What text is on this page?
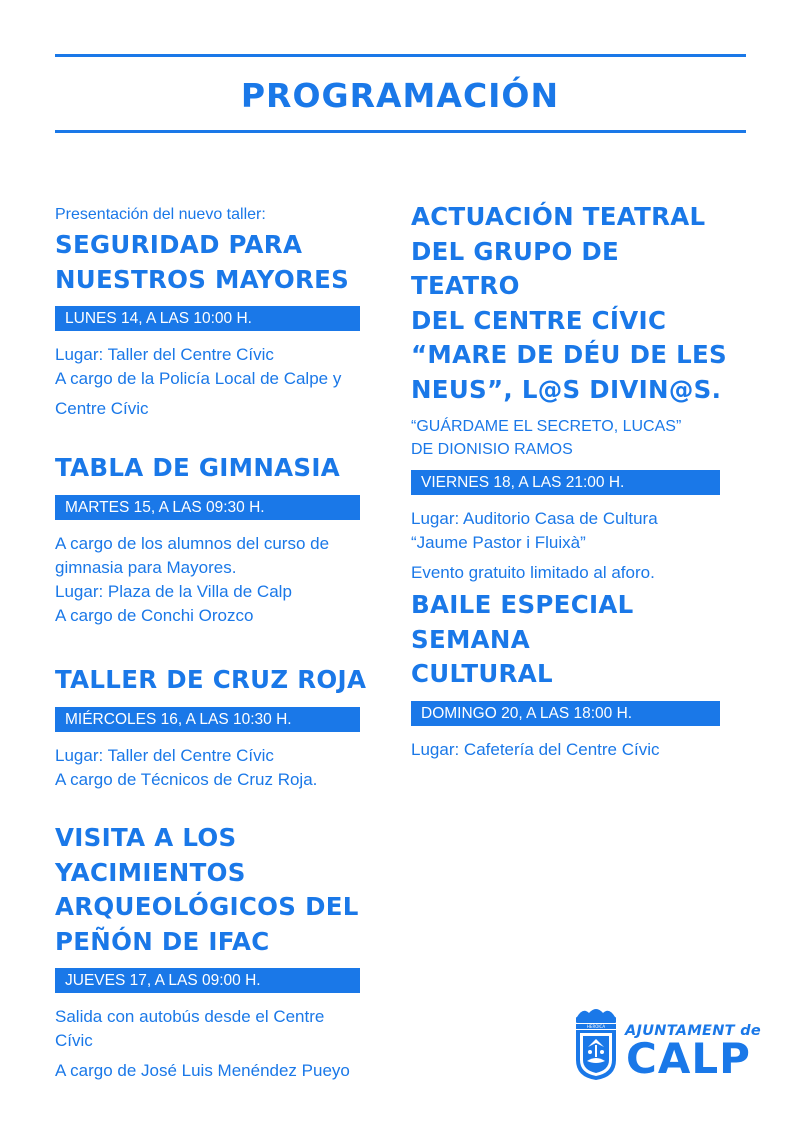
PROGRAMACIÓN

Presentación del nuevo taller:

SEGURIDAD PARA
NUESTROS MAYORES
LUNES 14, A LAS 10:00 H.

Lugar: Taller del Centre Cívic

A cargo de la Policía Local de Calpe y

Centre Cívic

TABLA DE GIMNASIA
MARTES 15, A LAS 09:30 H.

A cargo de los alumnos del curso de

gimnasia para Mayores.

Lugar: Plaza de la Villa de Calp

A cargo de Conchi Orozco

TALLER DE CRUZ ROJA
MIÉRCOLES 16, A LAS 10:30 H.

Lugar: Taller del Centre Cívic

A cargo de Técnicos de Cruz Roja.

VISITA A LOS
YACIMIENTOS
ARQUEOLÓGICOS DEL
PEÑÓN DE IFAC
JUEVES 17, A LAS 09:00 H.

Salida con autobús desde el Centre

Cívic

A cargo de José Luis Menéndez Pueyo

ACTUACIÓN TEATRAL
DEL GRUPO DE TEATRO
DEL CENTRE CÍVIC
“MARE DE DÉU DE LES
NEUS”, L@S DIVIN@S.

“GUÁRDAME EL SECRETO, LUCAS”
DE DIONISIO RAMOS

VIERNES 18, A LAS 21:00 H.

Lugar: Auditorio Casa de Cultura

“Jaume Pastor i Fluixà”

Evento gratuito limitado al aforo.

BAILE ESPECIAL SEMANA
CULTURAL
DOMINGO 20, A LAS 18:00 H.

Lugar: Cafetería del Centre Cívic

HEROICA AJUNTAMENT de
CALP
